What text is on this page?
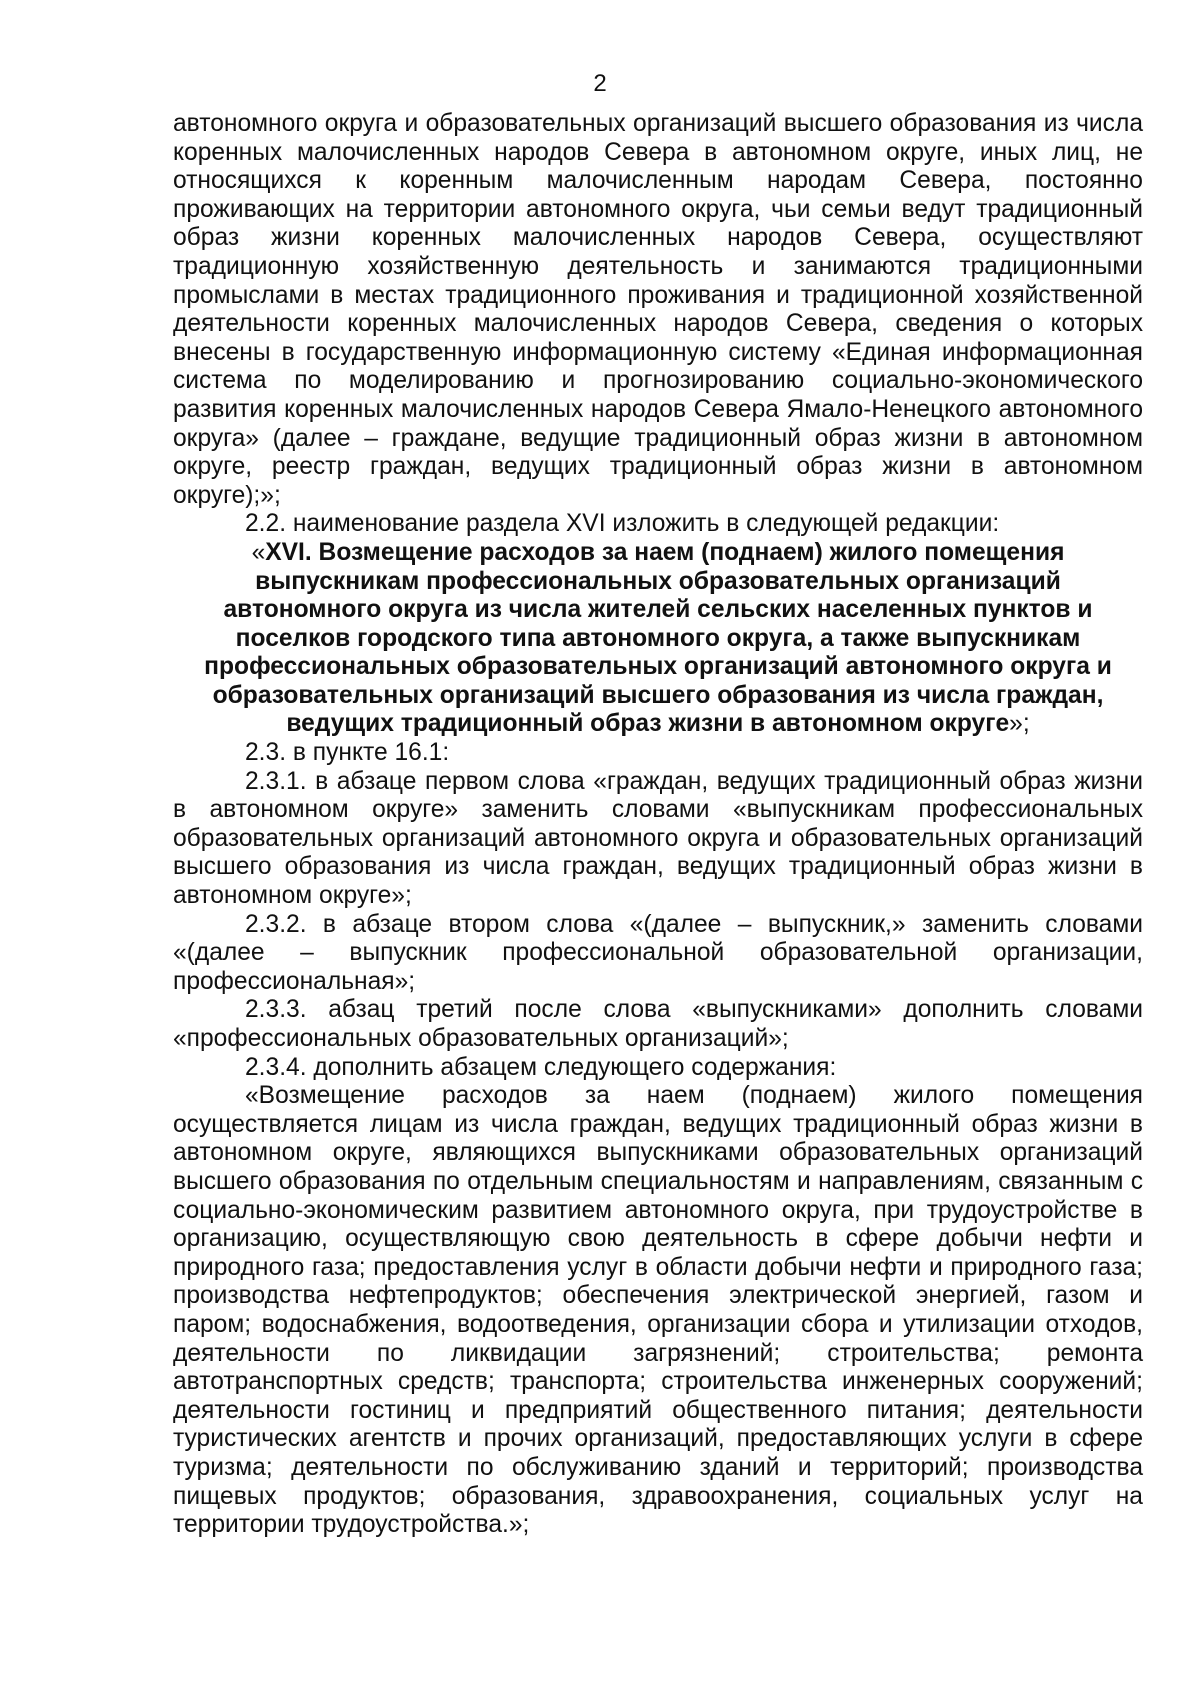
2

автономного округа и образовательных организаций высшего образования из числа коренных малочисленных народов Севера в автономном округе, иных лиц, не относящихся к коренным малочисленным народам Севера, постоянно проживающих на территории автономного округа, чьи семьи ведут традиционный образ жизни коренных малочисленных народов Севера, осуществляют традиционную хозяйственную деятельность и занимаются традиционными промыслами в местах традиционного проживания и традиционной хозяйственной деятельности коренных малочисленных народов Севера, сведения о которых внесены в государственную информационную систему «Единая информационная система по моделированию и прогнозированию социально-экономического развития коренных малочисленных народов Севера Ямало-Ненецкого автономного округа» (далее – граждане, ведущие традиционный образ жизни в автономном округе, реестр граждан, ведущих традиционный образ жизни в автономном округе);»;

2.2. наименование раздела XVI изложить в следующей редакции:

«XVI. Возмещение расходов за наем (поднаем) жилого помещения выпускникам профессиональных образовательных организаций автономного округа из числа жителей сельских населенных пунктов и поселков городского типа автономного округа, а также выпускникам профессиональных образовательных организаций автономного округа и образовательных организаций высшего образования из числа граждан, ведущих традиционный образ жизни в автономном округе»;

2.3. в пункте 16.1:

2.3.1. в абзаце первом слова «граждан, ведущих традиционный образ жизни в автономном округе» заменить словами «выпускникам профессиональных образовательных организаций автономного округа и образовательных организаций высшего образования из числа граждан, ведущих традиционный образ жизни в автономном округе»;

2.3.2. в абзаце втором слова «(далее – выпускник,» заменить словами «(далее – выпускник профессиональной образовательной организации, профессиональная»;

2.3.3. абзац третий после слова «выпускниками» дополнить словами «профессиональных образовательных организаций»;

2.3.4. дополнить абзацем следующего содержания:

«Возмещение расходов за наем (поднаем) жилого помещения осуществляется лицам из числа граждан, ведущих традиционный образ жизни в автономном округе, являющихся выпускниками образовательных организаций высшего образования по отдельным специальностям и направлениям, связанным с социально-экономическим развитием автономного округа, при трудоустройстве в организацию, осуществляющую свою деятельность в сфере добычи нефти и природного газа; предоставления услуг в области добычи нефти и природного газа; производства нефтепродуктов; обеспечения электрической энергией, газом и паром; водоснабжения, водоотведения, организации сбора и утилизации отходов, деятельности по ликвидации загрязнений; строительства; ремонта автотранспортных средств; транспорта; строительства инженерных сооружений; деятельности гостиниц и предприятий общественного питания; деятельности туристических агентств и прочих организаций, предоставляющих услуги в сфере туризма; деятельности по обслуживанию зданий и территорий; производства пищевых продуктов; образования, здравоохранения, социальных услуг на территории трудоустройства.»;
